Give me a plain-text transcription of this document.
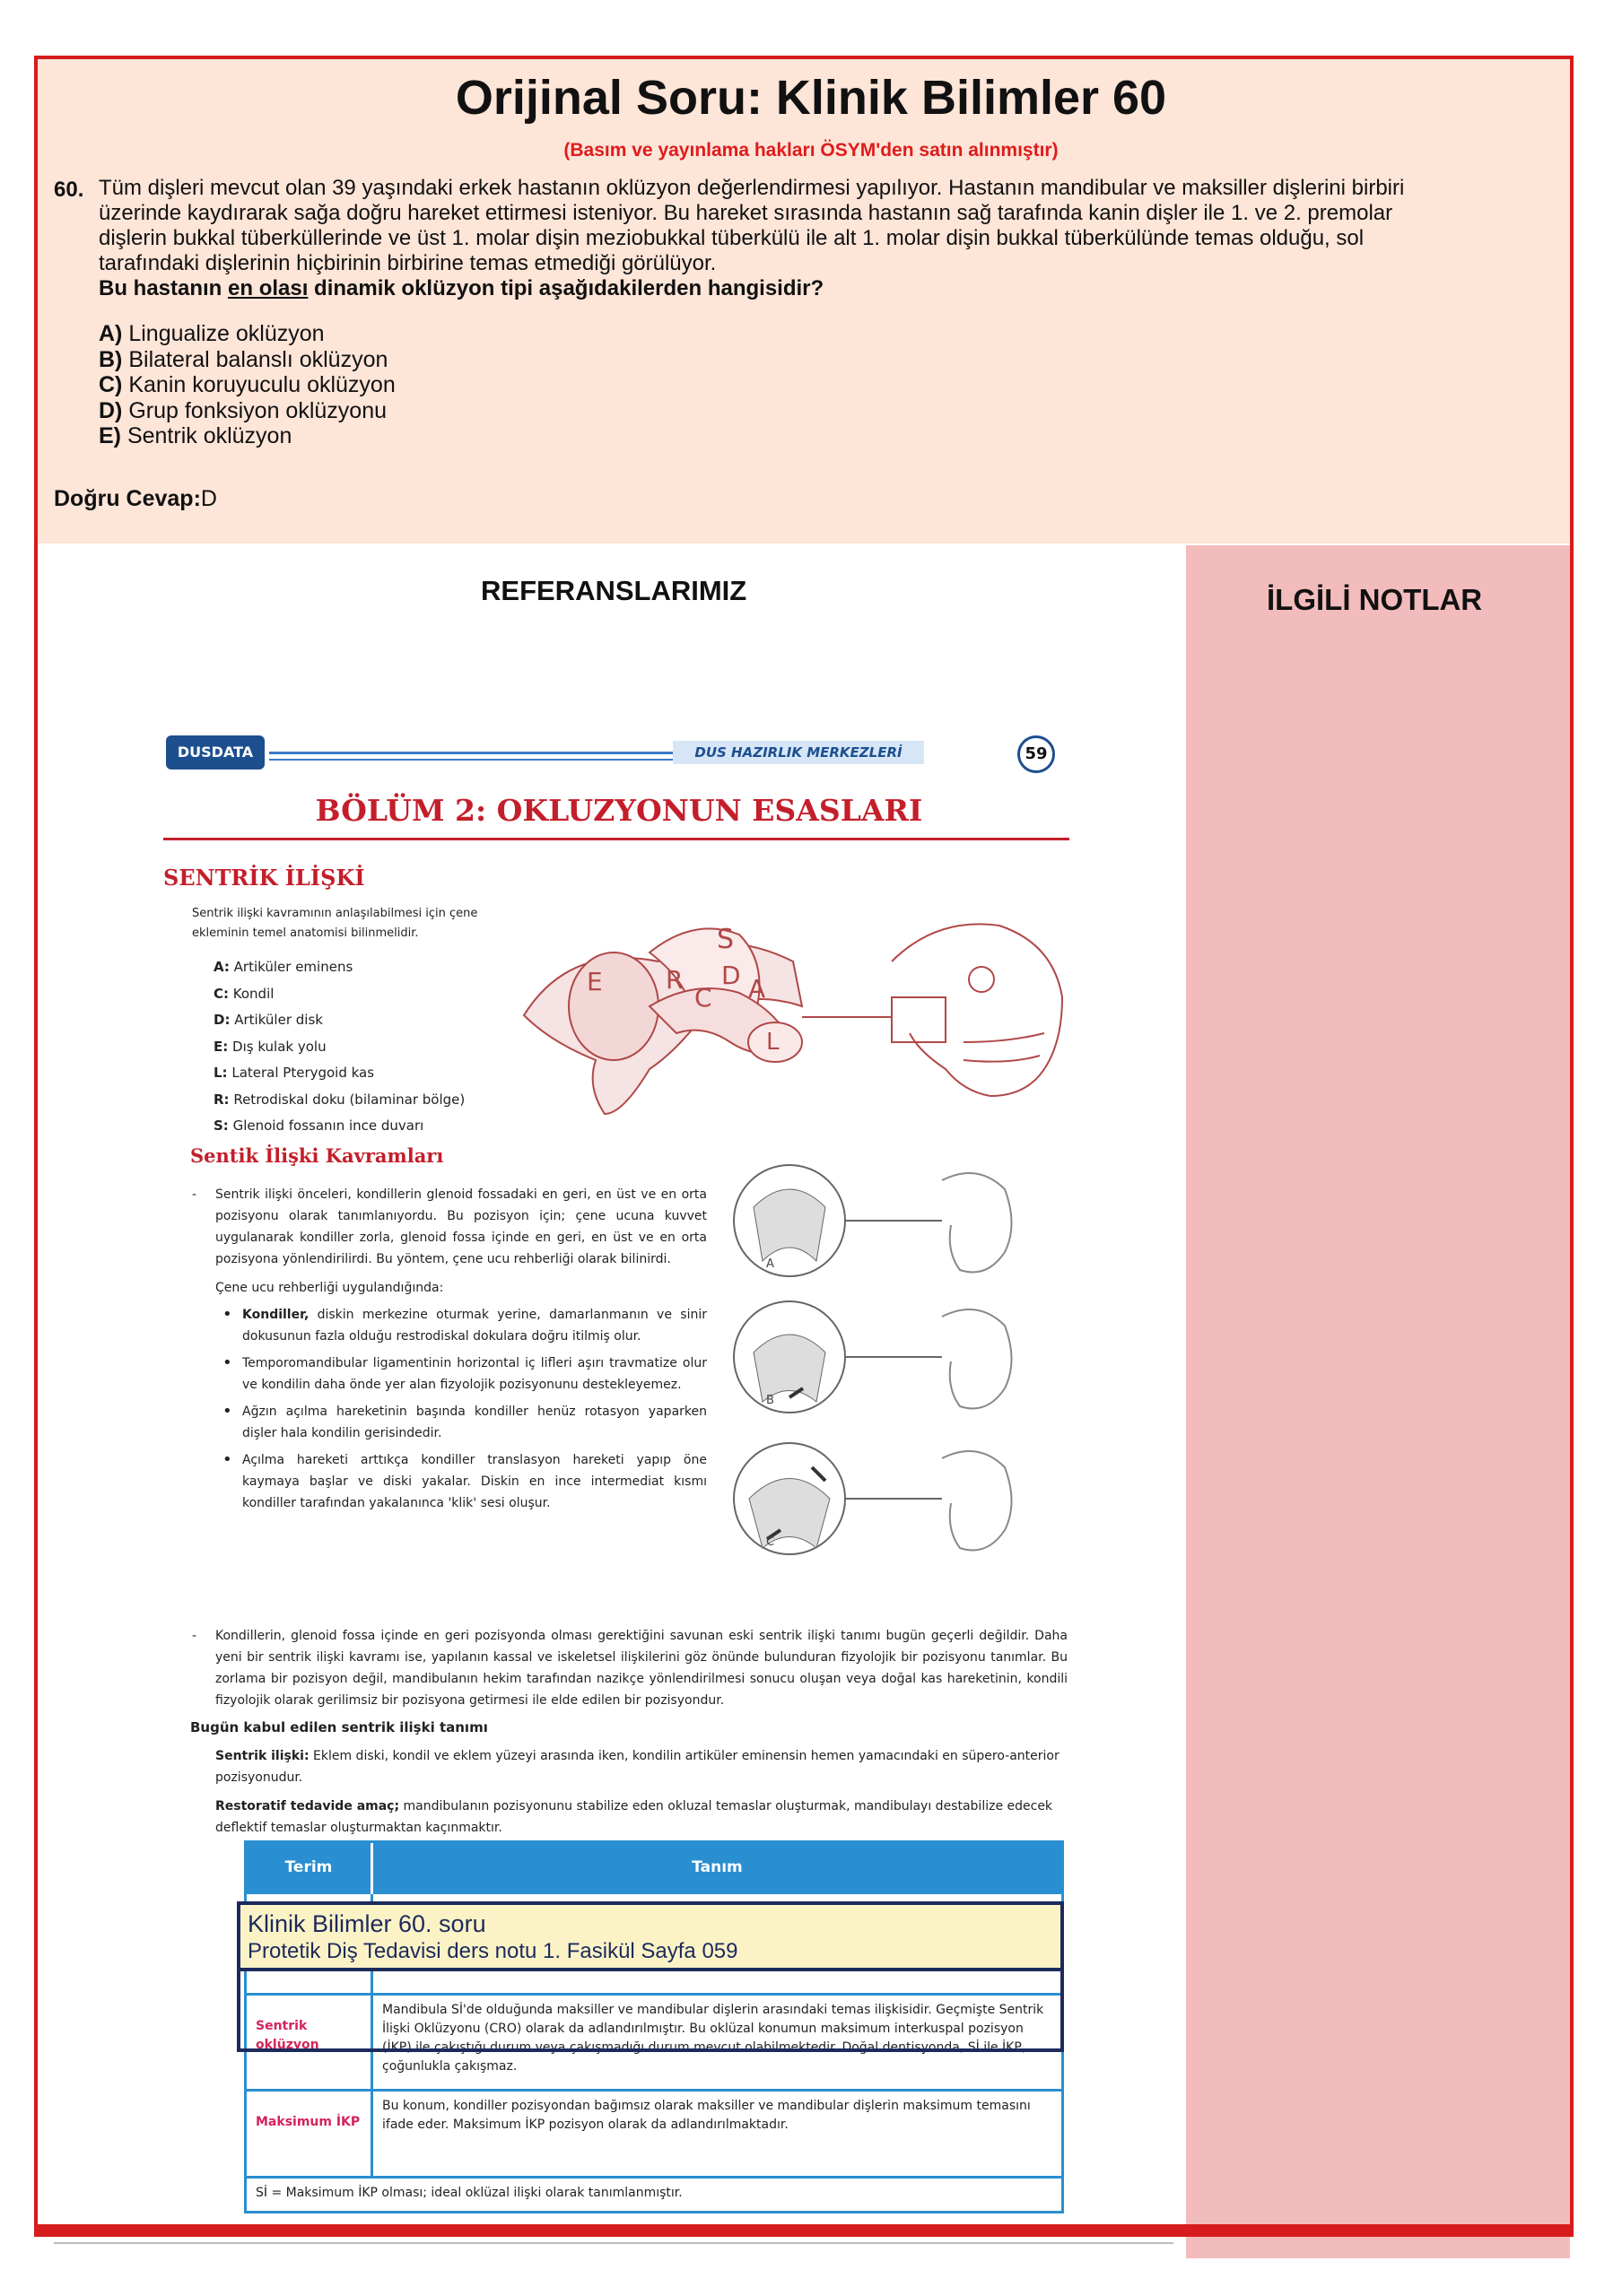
Orijinal Soru: Klinik Bilimler 60
(Basım ve yayınlama hakları ÖSYM'den satın alınmıştır)
60. Tüm dişleri mevcut olan 39 yaşındaki erkek hastanın oklüzyon değerlendirmesi yapılıyor. Hastanın mandibular ve maksiller dişlerini birbiri üzerinde kaydırarak sağa doğru hareket ettirmesi isteniyor. Bu hareket sırasında hastanın sağ tarafında kanin dişler ile 1. ve 2. premolar dişlerin bukkal tüberküllerinde ve üst 1. molar dişin meziobukkal tüberkülü ile alt 1. molar dişin bukkal tüberkülünde temas olduğu, sol tarafındaki dişlerinin hiçbirinin birbirine temas etmediği görülüyor.
Bu hastanın en olası dinamik oklüzyon tipi aşağıdakilerden hangisidir?
A) Lingualize oklüzyon
B) Bilateral balanslı oklüzyon
C) Kanin koruyuculu oklüzyon
D) Grup fonksiyon oklüzyonu
E) Sentrik oklüzyon
Doğru Cevap:D
REFERANSLARIMIZ	İLGİLİ NOTLAR
DUSDATA	DUS HAZIRLIK MERKEZLERİ	59
BÖLÜM 2: OKLUZYONUN ESASLARI
SENTRİK İLİŞKİ
Sentrik ilişki kavramının anlaşılabilmesi için çene ekleminin temel anatomisi bilinmelidir.
A: Artiküler eminens
C: Kondil
D: Artiküler disk
E: Dış kulak yolu
L: Lateral Pterygoid kas
R: Retrodiskal doku (bilaminar bölge)
S: Glenoid fossanın ince duvarı
S
E	R D
C A
L
Sentik İlişki Kavramları

- Sentrik ilişki önceleri, kondillerin glenoid fossadaki en geri, en üst ve en orta pozisyonu olarak tanımlanıyordu. Bu pozisyon için; çene ucuna kuvvet uygulanarak kondiller zorla, glenoid fossa içinde en geri, en üst ve en orta pozisyona yönlendirilirdi. Bu yöntem, çene ucu rehberliği olarak bilinirdi.

Çene ucu rehberliği uygulandığında:

• Kondiller, diskin merkezine oturmak yerine, damarlanmanın ve sinir dokusunun fazla olduğu restrodiskal dokulara doğru itilmiş olur.

• Temporomandibular ligamentinin horizontal iç lifleri aşırı travmatize olur ve kondilin daha önde yer alan fizyolojik pozisyonunu destekleyemez.

• Ağzın açılma hareketinin başında kondiller henüz rotasyon yaparken dişler hala kondilin gerisindedir.

• Açılma hareketi arttıkça kondiller translasyon hareketi yapıp öne kaymaya başlar ve diski yakalar. Diskin en ince intermediat kısmı kondiller tarafından yakalanınca 'klik' sesi oluşur.

A
B
C

- Kondillerin, glenoid fossa içinde en geri pozisyonda olması gerektiğini savunan eski sentrik ilişki tanımı bugün geçerli değildir. Daha yeni bir sentrik ilişki kavramı ise, yapılanın kassal ve iskeletsel ilişkilerini göz önünde bulunduran fizyolojik bir pozisyonu tanımlar. Bu zorlama bir pozisyon değil, mandibulanın hekim tarafından nazikçe yönlendirilmesi sonucu oluşan veya doğal kas hareketinin, kondili fizyolojik olarak gerilimsiz bir pozisyona getirmesi ile elde edilen bir pozisyondur.

Bugün kabul edilen sentrik ilişki tanımı

Sentrik ilişki: Eklem diski, kondil ve eklem yüzeyi arasında iken, kondilin artiküler eminensin hemen yamacındaki en süpero-anterior pozisyonudur.

Restoratif tedavide amaç; mandibulanın pozisyonunu stabilize eden okluzal temaslar oluşturmak, mandibulayı destabilize edecek deflektif temaslar oluşturmaktan kaçınmaktır.

Terim	Tanım

Sentrik oklüzyon	Mandibula Sİ'de olduğunda maksiller ve mandibular dişlerin arasındaki temas ilişkisidir. Geçmişte Sentrik İlişki Oklüzyonu (CRO) olarak da adlandırılmıştır. Bu oklüzal konumun maksimum interkuspal pozisyon (İKP) ile çakıştığı durum veya çakışmadığı durum mevcut olabilmektedir. Doğal dentisyonda, Sİ ile İKP, çoğunlukla çakışmaz.
Maksimum İKP	Bu konum, kondiller pozisyondan bağımsız olarak maksiller ve mandibular dişlerin maksimum temasını ifade eder. Maksimum İKP pozisyon olarak da adlandırılmaktadır.
Sİ = Maksimum İKP olması; ideal oklüzal ilişki olarak tanımlanmıştır.	
Klinik Bilimler 60. soru
Protetik Diş Tedavisi ders notu 1. Fasikül Sayfa 059
